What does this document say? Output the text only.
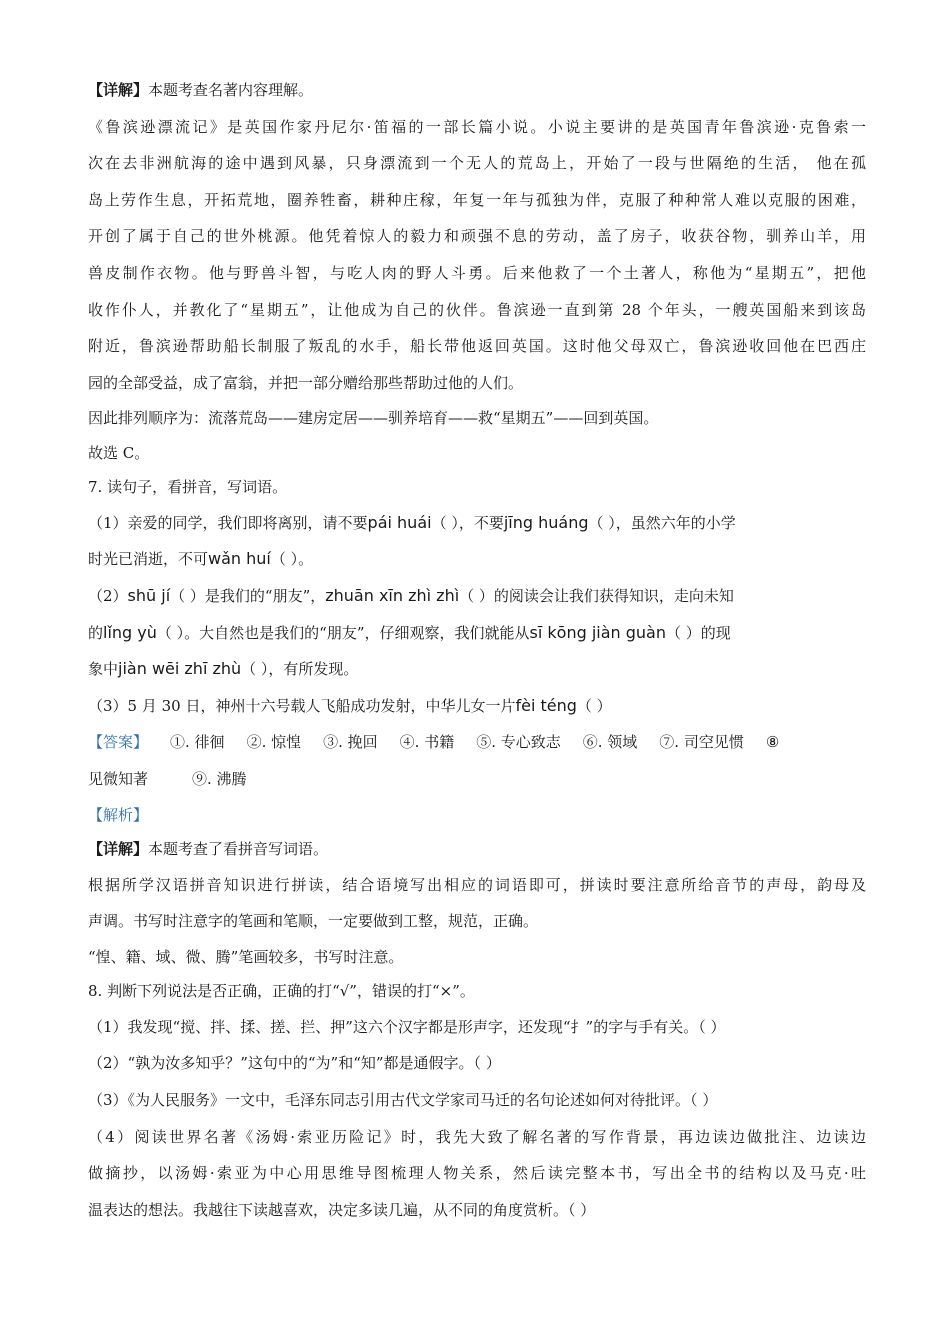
【详解】本题考查名著内容理解。
《鲁滨逊漂流记》是英国作家丹尼尔·笛福的一部长篇小说。小说主要讲的是英国青年鲁滨逊·克鲁索一
次在去非洲航海的途中遇到风暴，只身漂流到一个无人的荒岛上，开始了一段与世隔绝的生活， 他在孤
岛上劳作生息，开拓荒地，圈养牲畜，耕种庄稼，年复一年与孤独为伴，克服了种种常人难以克服的困难，
开创了属于自己的世外桃源。他凭着惊人的毅力和顽强不息的劳动，盖了房子，收获谷物，驯养山羊，用
兽皮制作衣物。他与野兽斗智，与吃人肉的野人斗勇。后来他救了一个土著人，称他为“星期五”，把他
收作仆人，并教化了“星期五”，让他成为自己的伙伴。鲁滨逊一直到第 28 个年头，一艘英国船来到该岛
附近，鲁滨逊帮助船长制服了叛乱的水手，船长带他返回英国。这时他父母双亡，鲁滨逊收回他在巴西庄
园的全部受益，成了富翁，并把一部分赠给那些帮助过他的人们。
因此排列顺序为：流落荒岛——建房定居——驯养培育——救“星期五”——回到英国。
故选 C。
7. 读句子，看拼音，写词语。
（1）亲爱的同学，我们即将离别，请不要pái huái（ ），不要jīng huáng（ ），虽然六年的小学
时光已消逝，不可wǎn huí（ ）。
（2）shū jí（ ）是我们的“朋友”，zhuān xīn zhì zhì（ ）的阅读会让我们获得知识，走向未知
的lǐng yù（ ）。大自然也是我们的“朋友”，仔细观察，我们就能从sī kōng jiàn guàn（ ）的现
象中jiàn wēi zhī zhù（ ），有所发现。
（3）5 月 30 日，神州十六号载人飞船成功发射，中华儿女一片fèi téng（ ）
【答案】 ①. 徘徊 ②. 惊惶 ③. 挽回 ④. 书籍 ⑤. 专心致志 ⑥. 领域 ⑦. 司空见惯 ⑧
见微知著	⑨. 沸腾
【解析】
【详解】本题考查了看拼音写词语。
根据所学汉语拼音知识进行拼读，结合语境写出相应的词语即可，拼读时要注意所给音节的声母，韵母及
声调。书写时注意字的笔画和笔顺，一定要做到工整，规范，正确。
“惶、籍、域、微、腾”笔画较多，书写时注意。
8. 判断下列说法是否正确，正确的打“√”，错误的打“×”。
（1）我发现“搅、拌、揉、搓、拦、押”这六个汉字都是形声字，还发现“扌”的字与手有关。（ ）
（2）“孰为汝多知乎？”这句中的“为”和“知”都是通假字。（ ）
（3）《为人民服务》一文中，毛泽东同志引用古代文学家司马迁的名句论述如何对待批评。（ ）
（4）阅读世界名著《汤姆·索亚历险记》时，我先大致了解名著的写作背景，再边读边做批注、边读边
做摘抄，以汤姆·索亚为中心用思维导图梳理人物关系，然后读完整本书，写出全书的结构以及马克·吐
温表达的想法。我越往下读越喜欢，决定多读几遍，从不同的角度赏析。（ ）
